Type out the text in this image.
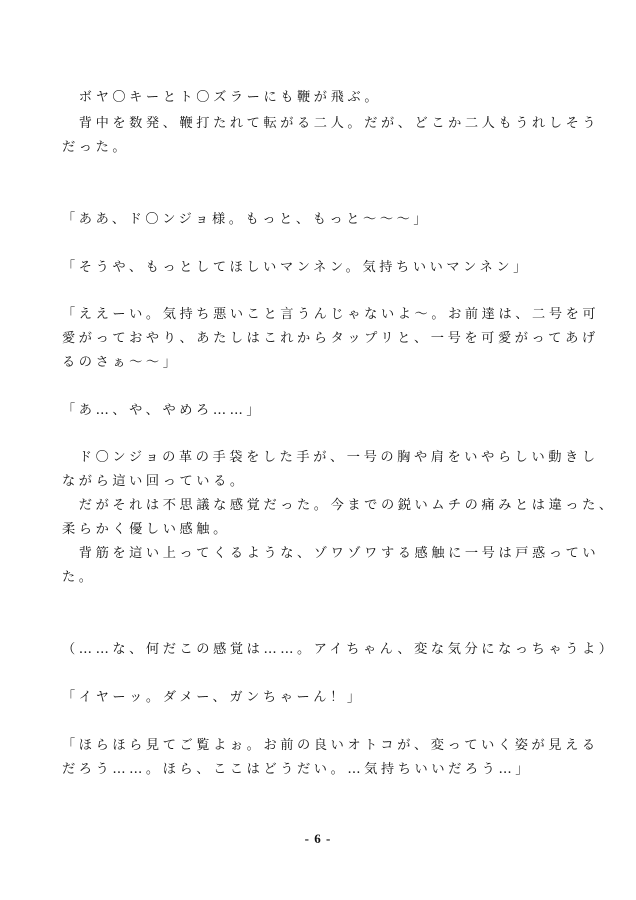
　ボヤ〇キーとト〇ズラーにも鞭が飛ぶ。
　背中を数発、鞭打たれて転がる二人。だが、どこか二人もうれしそう
だった。
「ああ、ド〇ンジョ様。もっと、もっと〜〜〜」
「そうや、もっとしてほしいマンネン。気持ちいいマンネン」
「ええーい。気持ち悪いこと言うんじゃないよ〜。お前達は、二号を可
愛がっておやり、あたしはこれからタップリと、一号を可愛がってあげ
るのさぁ〜〜」
「あ…、や、やめろ……」
　ド〇ンジョの革の手袋をした手が、一号の胸や肩をいやらしい動きし
ながら這い回っている。
　だがそれは不思議な感覚だった。今までの鋭いムチの痛みとは違った、
柔らかく優しい感触。
　背筋を這い上ってくるような、ゾワゾワする感触に一号は戸惑ってい
た。
（……な、何だこの感覚は……。アイちゃん、変な気分になっちゃうよ）
「イヤーッ。ダメー、ガンちゃーん！」
「ほらほら見てご覧よぉ。お前の良いオトコが、変っていく姿が見える
だろう……。ほら、ここはどうだい。…気持ちいいだろう…」
- 6 -
